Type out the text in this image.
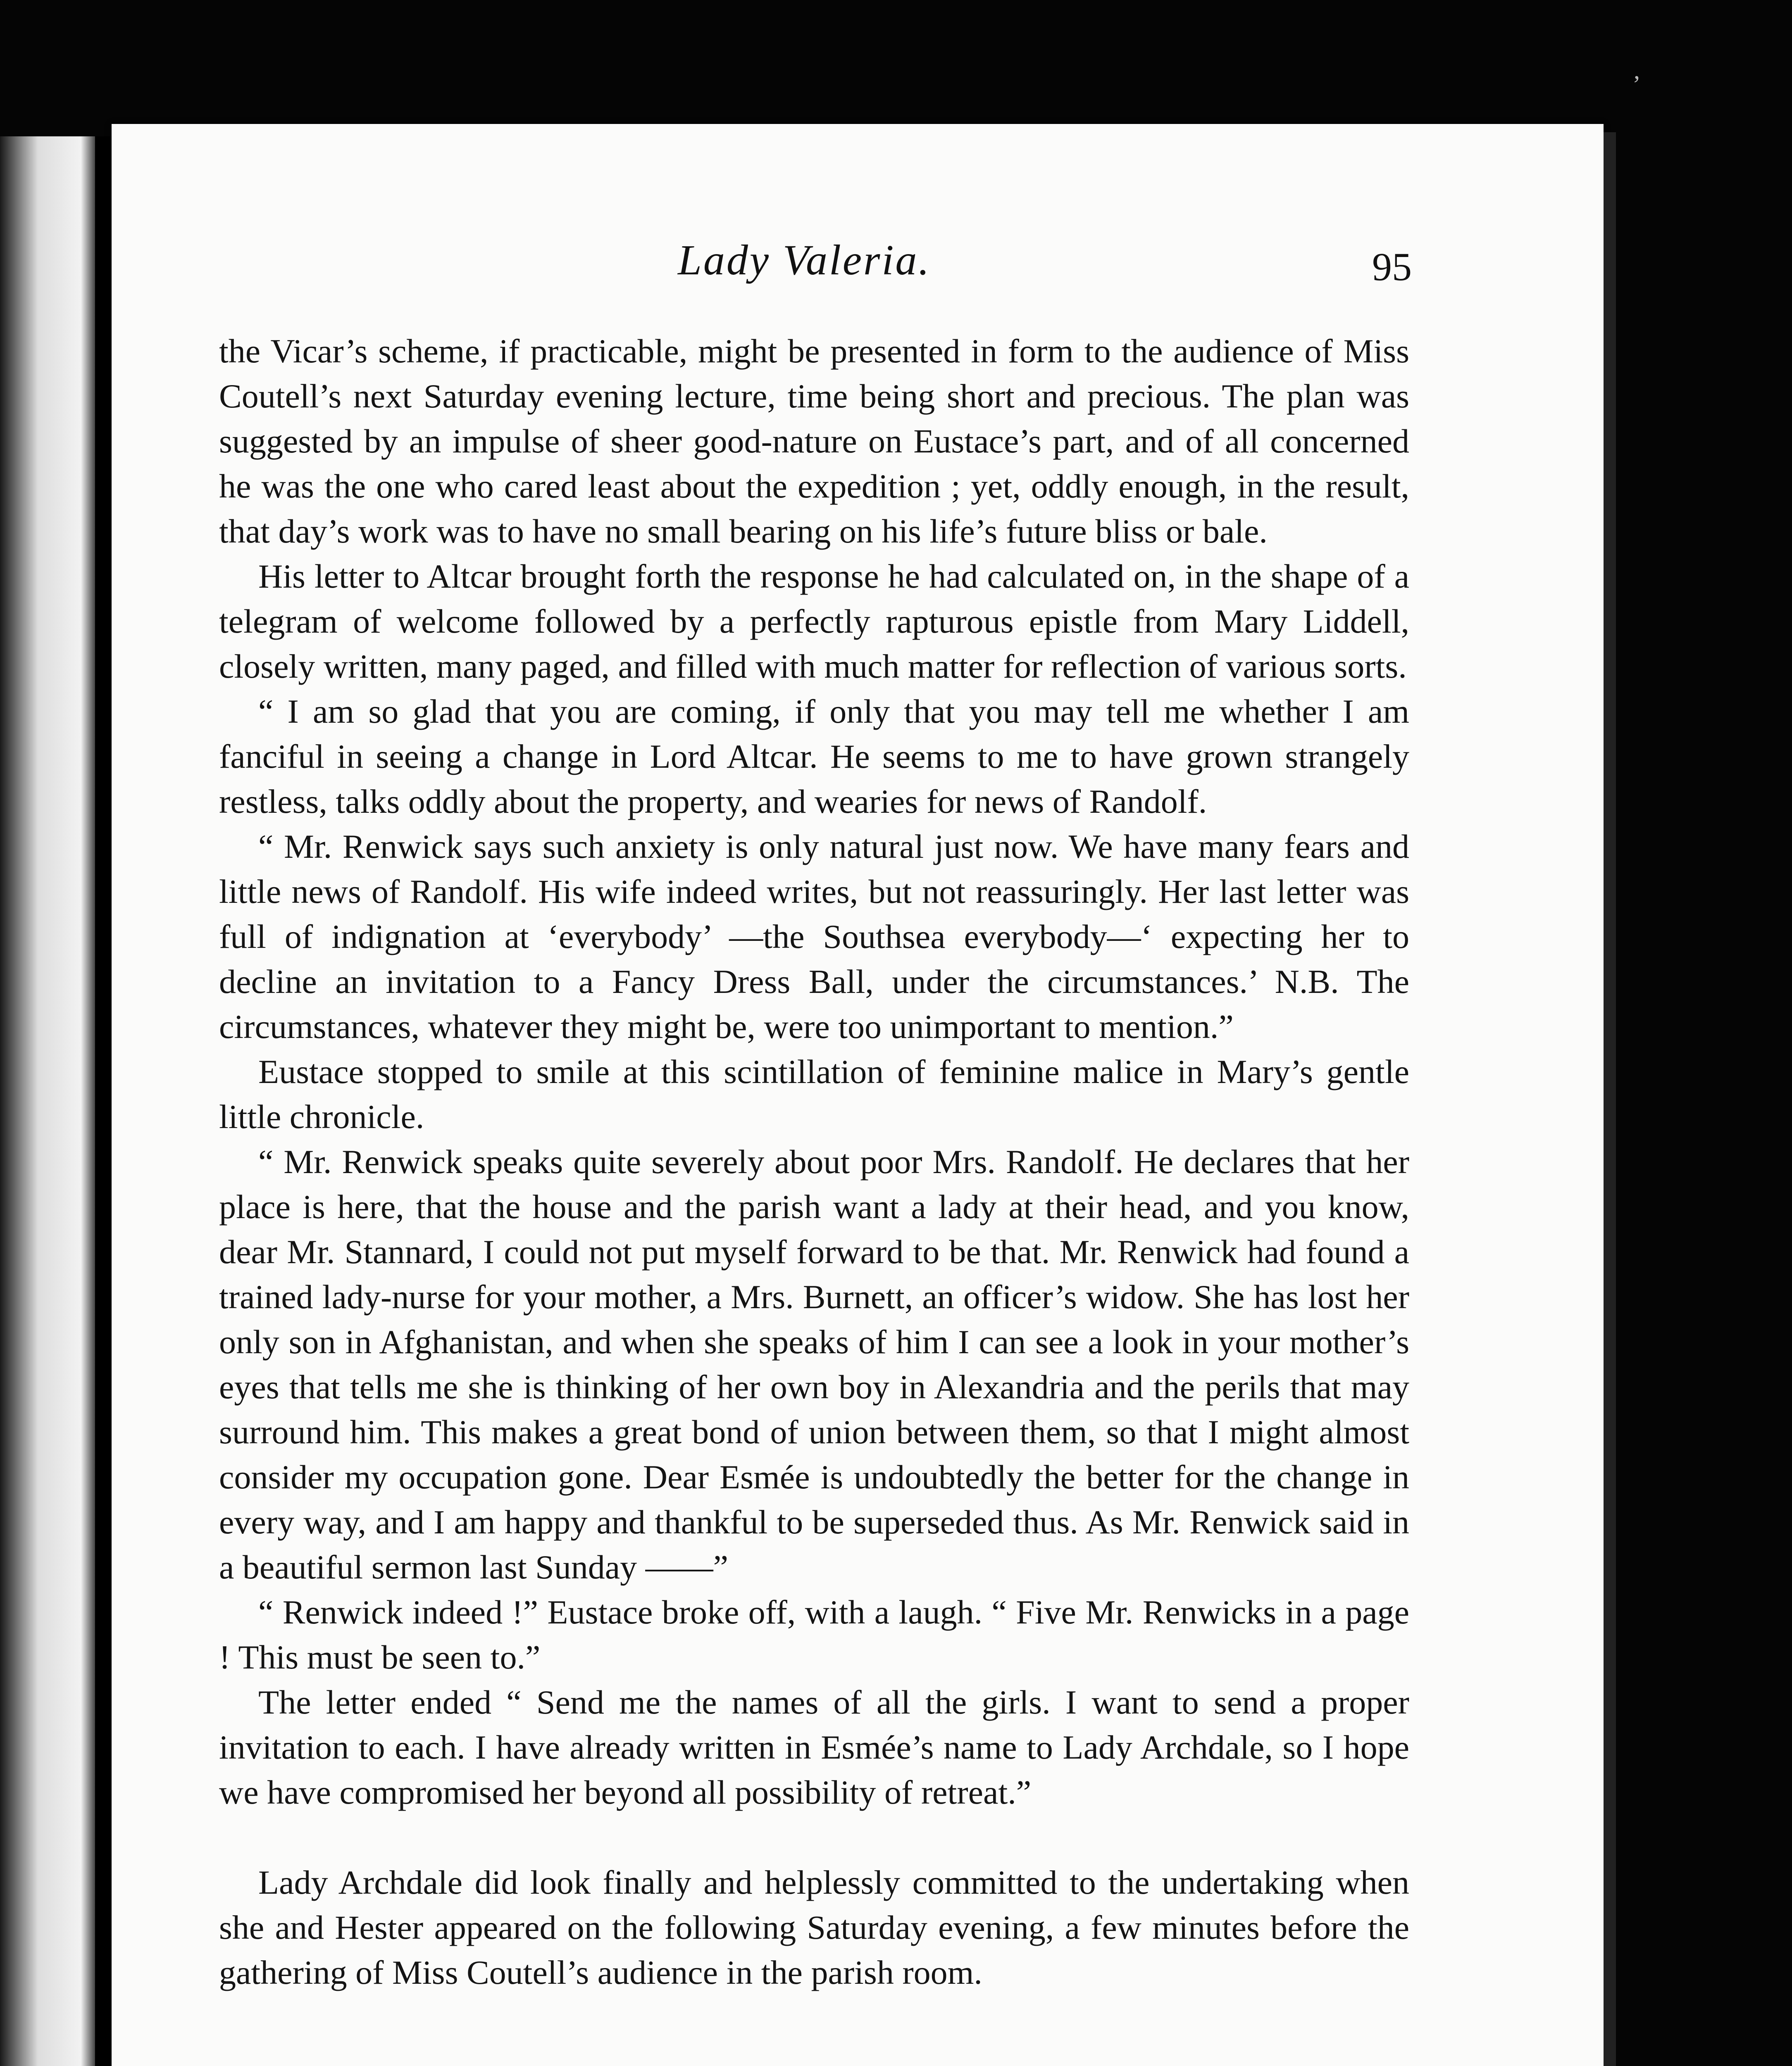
’
Lady Valeria.	95

the Vicar’s scheme, if practicable, might be presented in form to the audience of Miss Coutell’s next Saturday evening lecture, time being short and precious. The plan was suggested by an impulse of sheer good-nature on Eustace’s part, and of all concerned he was the one who cared least about the expedition ; yet, oddly enough, in the result, that day’s work was to have no small bearing on his life’s future bliss or bale.

His letter to Altcar brought forth the response he had calculated on, in the shape of a telegram of welcome followed by a perfectly rapturous epistle from Mary Liddell, closely written, many paged, and filled with much matter for reflection of various sorts.

“ I am so glad that you are coming, if only that you may tell me whether I am fanciful in seeing a change in Lord Altcar. He seems to me to have grown strangely restless, talks oddly about the property, and wearies for news of Randolf.

“ Mr. Renwick says such anxiety is only natural just now. We have many fears and little news of Randolf. His wife indeed writes, but not reassuringly. Her last letter was full of indignation at ‘everybody’ —the Southsea everybody—‘ expecting her to decline an invitation to a Fancy Dress Ball, under the circumstances.’ N.B. The circumstances, whatever they might be, were too unimportant to mention.”

Eustace stopped to smile at this scintillation of feminine malice in Mary’s gentle little chronicle.

“ Mr. Renwick speaks quite severely about poor Mrs. Randolf. He declares that her place is here, that the house and the parish want a lady at their head, and you know, dear Mr. Stannard, I could not put myself forward to be that. Mr. Renwick had found a trained lady-nurse for your mother, a Mrs. Burnett, an officer’s widow. She has lost her only son in Afghanistan, and when she speaks of him I can see a look in your mother’s eyes that tells me she is thinking of her own boy in Alexandria and the perils that may surround him. This makes a great bond of union between them, so that I might almost consider my occupation gone. Dear Esmée is undoubtedly the better for the change in every way, and I am happy and thankful to be superseded thus. As Mr. Renwick said in a beautiful sermon last Sunday ——”

“ Renwick indeed !” Eustace broke off, with a laugh. “ Five Mr. Renwicks in a page ! This must be seen to.”

The letter ended “ Send me the names of all the girls. I want to send a proper invitation to each. I have already written in Esmée’s name to Lady Archdale, so I hope we have compromised her beyond all possibility of retreat.”

Lady Archdale did look finally and helplessly committed to the undertaking when she and Hester appeared on the following Saturday evening, a few minutes before the gathering of Miss Coutell’s audience in the parish room.
